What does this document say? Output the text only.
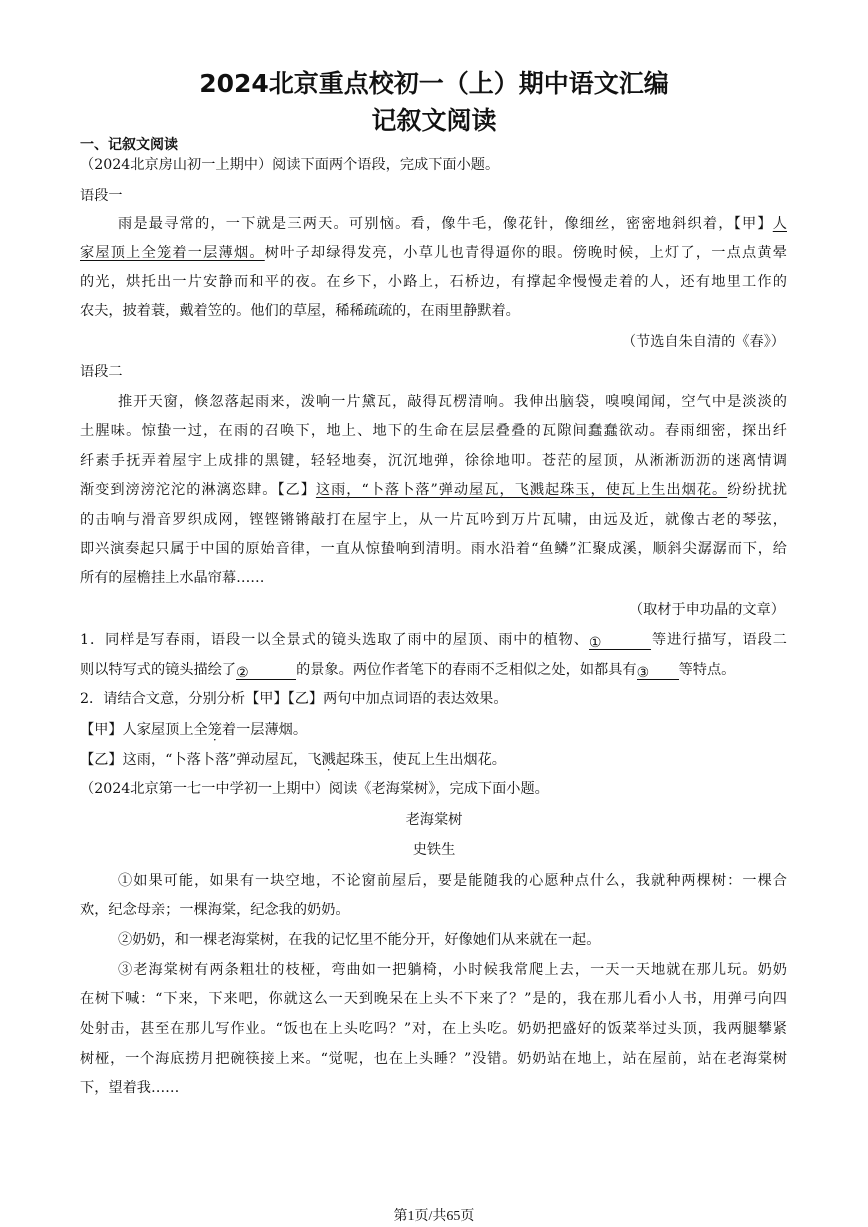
2024北京重点校初一（上）期中语文汇编
记叙文阅读
一、记叙文阅读
（2024北京房山初一上期中）阅读下面两个语段，完成下面小题。
语段一
雨是最寻常的，一下就是三两天。可别恼。看，像牛毛，像花针，像细丝，密密地斜织着，【甲】人
家屋顶上全笼着一层薄烟。树叶子却绿得发亮，小草儿也青得逼你的眼。傍晚时候，上灯了，一点点黄晕
的光，烘托出一片安静而和平的夜。在乡下，小路上，石桥边，有撑起伞慢慢走着的人，还有地里工作的
农夫，披着蓑，戴着笠的。他们的草屋，稀稀疏疏的，在雨里静默着。
（节选自朱自清的《春》）
语段二
推开天窗，倏忽落起雨来，泼响一片黛瓦，敲得瓦楞清响。我伸出脑袋，嗅嗅闻闻，空气中是淡淡的
土腥味。惊蛰一过，在雨的召唤下，地上、地下的生命在层层叠叠的瓦隙间蠢蠢欲动。春雨细密，探出纤
纤素手抚弄着屋宇上成排的黑键，轻轻地奏，沉沉地弹，徐徐地叩。苍茫的屋顶，从淅淅沥沥的迷离情调
渐变到滂滂沱沱的淋漓恣肆。【乙】这雨，“卜落卜落”弹动屋瓦，飞溅起珠玉，使瓦上生出烟花。纷纷扰扰
的击响与滑音罗织成网，铿铿锵锵敲打在屋宇上，从一片瓦吟到万片瓦啸，由远及近，就像古老的琴弦，
即兴演奏起只属于中国的原始音律，一直从惊蛰响到清明。雨水沿着“鱼鳞”汇聚成溪，顺斜尖潺潺而下，给
所有的屋檐挂上水晶帘幕……
（取材于申功晶的文章）
1．同样是写春雨，语段一以全景式的镜头选取了雨中的屋顶、雨中的植物、①	等进行描写，语段二
则以特写式的镜头描绘了②	的景象。两位作者笔下的春雨不乏相似之处，如都具有③ 等特点。
2．请结合文意，分别分析【甲】【乙】两句中加点词语的表达效果。
【甲】人家屋顶上全笼着一层薄烟。
【乙】这雨，“卜落卜落”弹动屋瓦，飞溅起珠玉，使瓦上生出烟花。
（2024北京第一七一中学初一上期中）阅读《老海棠树》，完成下面小题。
老海棠树
史铁生
①如果可能，如果有一块空地，不论窗前屋后，要是能随我的心愿种点什么，我就种两棵树：一棵合
欢，纪念母亲；一棵海棠，纪念我的奶奶。
②奶奶，和一棵老海棠树，在我的记忆里不能分开，好像她们从来就在一起。
③老海棠树有两条粗壮的枝桠，弯曲如一把躺椅，小时候我常爬上去，一天一天地就在那儿玩。奶奶
在树下喊：“下来，下来吧，你就这么一天到晚呆在上头不下来了？”是的，我在那儿看小人书，用弹弓向四
处射击，甚至在那儿写作业。“饭也在上头吃吗？”对，在上头吃。奶奶把盛好的饭菜举过头顶，我两腿攀紧
树桠，一个海底捞月把碗筷接上来。“觉呢，也在上头睡？”没错。奶奶站在地上，站在屋前，站在老海棠树
下，望着我……
第1页/共65页
